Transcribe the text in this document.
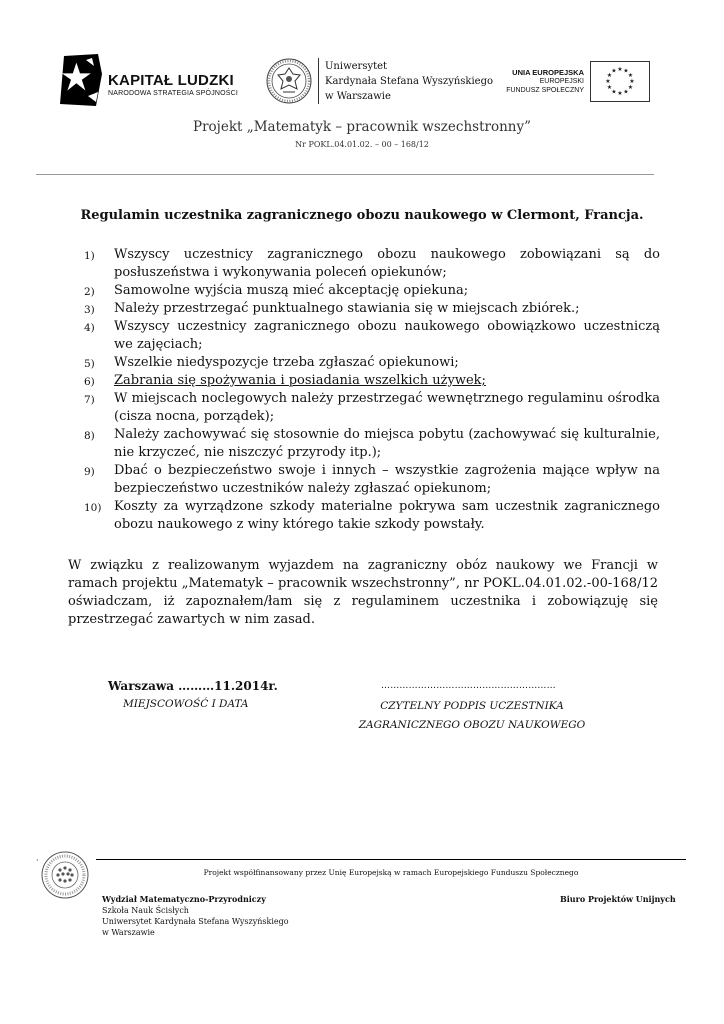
KAPITAŁ LUDZKI
NARODOWA STRATEGIA SPÓJNOŚCI
Uniwersytet
Kardynała Stefana Wyszyńskiego
w Warszawie
UNIA EUROPEJSKA
EUROPEJSKI
FUNDUSZ SPOŁECZNY
★ ★
★
★
★
★
★
★
★
★
★
★
Projekt „Matematyk – pracownik wszechstronny”
Nr POKL.04.01.02. – 00 – 168/12
Regulamin uczestnika zagranicznego obozu naukowego w Clermont, Francja.
1)	Wszyscy uczestnicy zagranicznego obozu naukowego zobowiązani są do posłuszeństwa i wykonywania poleceń opiekunów;
2)	Samowolne wyjścia muszą mieć akceptację opiekuna;
3)	Należy przestrzegać punktualnego stawiania się w miejscach zbiórek.;
4)	Wszyscy uczestnicy zagranicznego obozu naukowego obowiązkowo uczestniczą we zajęciach;
5)	Wszelkie niedyspozycje trzeba zgłaszać opiekunowi;
6)	Zabrania się spożywania i posiadania wszelkich używek;
7)	W miejscach noclegowych należy przestrzegać wewnętrznego regulaminu ośrodka (cisza nocna, porządek);
8)	Należy zachowywać się stosownie do miejsca pobytu (zachowywać się kulturalnie, nie krzyczeć, nie niszczyć przyrody itp.);
9)	Dbać o bezpieczeństwo swoje i innych – wszystkie zagrożenia mające wpływ na bezpieczeństwo uczestników należy zgłaszać opiekunom;
10) Koszty za wyrządzone szkody materialne pokrywa sam uczestnik zagranicznego obozu naukowego z winy którego takie szkody powstały.
W związku z realizowanym wyjazdem na zagraniczny obóz naukowy we Francji w ramach projektu „Matematyk – pracownik wszechstronny”, nr POKL.04.01.02.-00-168/12 oświadczam, iż zapoznałem/łam się z regulaminem uczestnika i zobowiązuję się przestrzegać zawartych w nim zasad.
Warszawa ………11.2014r.
MIEJSCOWOŚĆ I DATA
…………………………………………………
CZYTELNY PODPIS UCZESTNIKA
ZAGRANICZNEGO OBOZU NAUKOWEGO
·
Projekt współfinansowany przez Unię Europejską w ramach Europejskiego Funduszu Społecznego
Wydział Matematyczno-Przyrodniczy
Szkoła Nauk Ścisłych
Uniwersytet Kardynała Stefana Wyszyńskiego
w Warszawie
Biuro Projektów Unijnych
